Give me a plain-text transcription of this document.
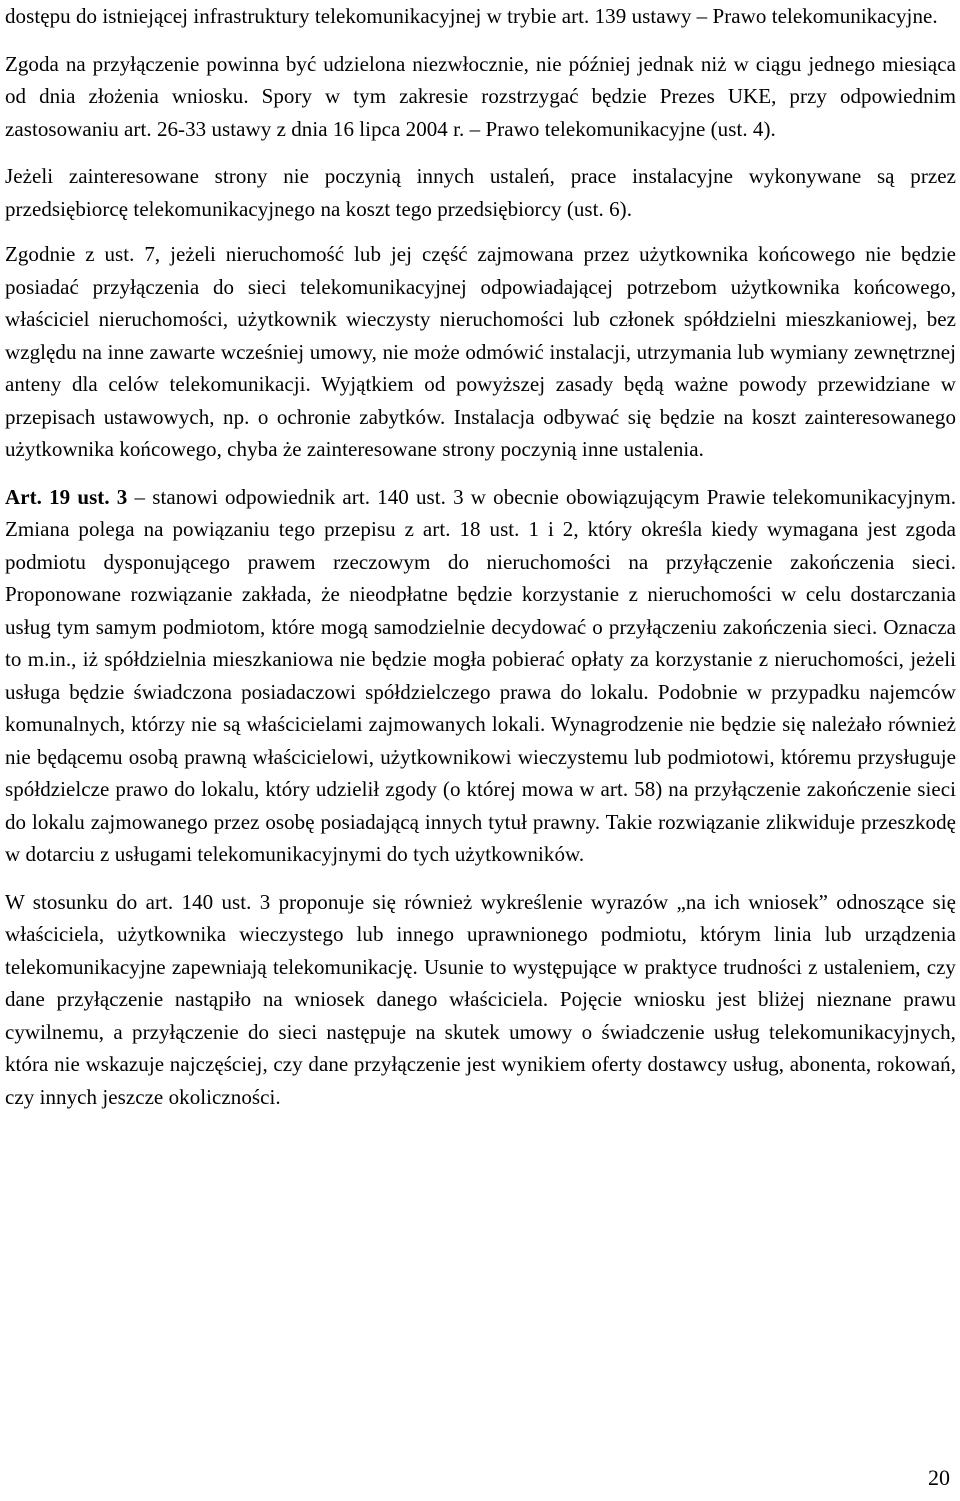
dostępu do istniejącej infrastruktury telekomunikacyjnej w trybie art. 139 ustawy – Prawo telekomunikacyjne.

Zgoda na przyłączenie powinna być udzielona niezwłocznie, nie później jednak niż w ciągu jednego miesiąca od dnia złożenia wniosku. Spory w tym zakresie rozstrzygać będzie Prezes UKE, przy odpowiednim zastosowaniu art. 26-33 ustawy z dnia 16 lipca 2004 r. – Prawo telekomunikacyjne (ust. 4).

Jeżeli zainteresowane strony nie poczynią innych ustaleń, prace instalacyjne wykonywane są przez przedsiębiorcę telekomunikacyjnego na koszt tego przedsiębiorcy (ust. 6).

Zgodnie z ust. 7, jeżeli nieruchomość lub jej część zajmowana przez użytkownika końcowego nie będzie posiadać przyłączenia do sieci telekomunikacyjnej odpowiadającej potrzebom użytkownika końcowego, właściciel nieruchomości, użytkownik wieczysty nieruchomości lub członek spółdzielni mieszkaniowej, bez względu na inne zawarte wcześniej umowy, nie może odmówić instalacji, utrzymania lub wymiany zewnętrznej anteny dla celów telekomunikacji. Wyjątkiem od powyższej zasady będą ważne powody przewidziane w przepisach ustawowych, np. o ochronie zabytków. Instalacja odbywać się będzie na koszt zainteresowanego użytkownika końcowego, chyba że zainteresowane strony poczynią inne ustalenia.

Art. 19 ust. 3 – stanowi odpowiednik art. 140 ust. 3 w obecnie obowiązującym Prawie telekomunikacyjnym. Zmiana polega na powiązaniu tego przepisu z art. 18 ust. 1 i 2, który określa kiedy wymagana jest zgoda podmiotu dysponującego prawem rzeczowym do nieruchomości na przyłączenie zakończenia sieci. Proponowane rozwiązanie zakłada, że nieodpłatne będzie korzystanie z nieruchomości w celu dostarczania usług tym samym podmiotom, które mogą samodzielnie decydować o przyłączeniu zakończenia sieci. Oznacza to m.in., iż spółdzielnia mieszkaniowa nie będzie mogła pobierać opłaty za korzystanie z nieruchomości, jeżeli usługa będzie świadczona posiadaczowi spółdzielczego prawa do lokalu. Podobnie w przypadku najemców komunalnych, którzy nie są właścicielami zajmowanych lokali. Wynagrodzenie nie będzie się należało również nie będącemu osobą prawną właścicielowi, użytkownikowi wieczystemu lub podmiotowi, któremu przysługuje spółdzielcze prawo do lokalu, który udzielił zgody (o której mowa w art. 58) na przyłączenie zakończenie sieci do lokalu zajmowanego przez osobę posiadającą innych tytuł prawny. Takie rozwiązanie zlikwiduje przeszkodę w dotarciu z usługami telekomunikacyjnymi do tych użytkowników.

W stosunku do art. 140 ust. 3 proponuje się również wykreślenie wyrazów „na ich wniosek” odnoszące się właściciela, użytkownika wieczystego lub innego uprawnionego podmiotu, którym linia lub urządzenia telekomunikacyjne zapewniają telekomunikację. Usunie to występujące w praktyce trudności z ustaleniem, czy dane przyłączenie nastąpiło na wniosek danego właściciela. Pojęcie wniosku jest bliżej nieznane prawu cywilnemu, a przyłączenie do sieci następuje na skutek umowy o świadczenie usług telekomunikacyjnych, która nie wskazuje najczęściej, czy dane przyłączenie jest wynikiem oferty dostawcy usług, abonenta, rokowań, czy innych jeszcze okoliczności.

20
